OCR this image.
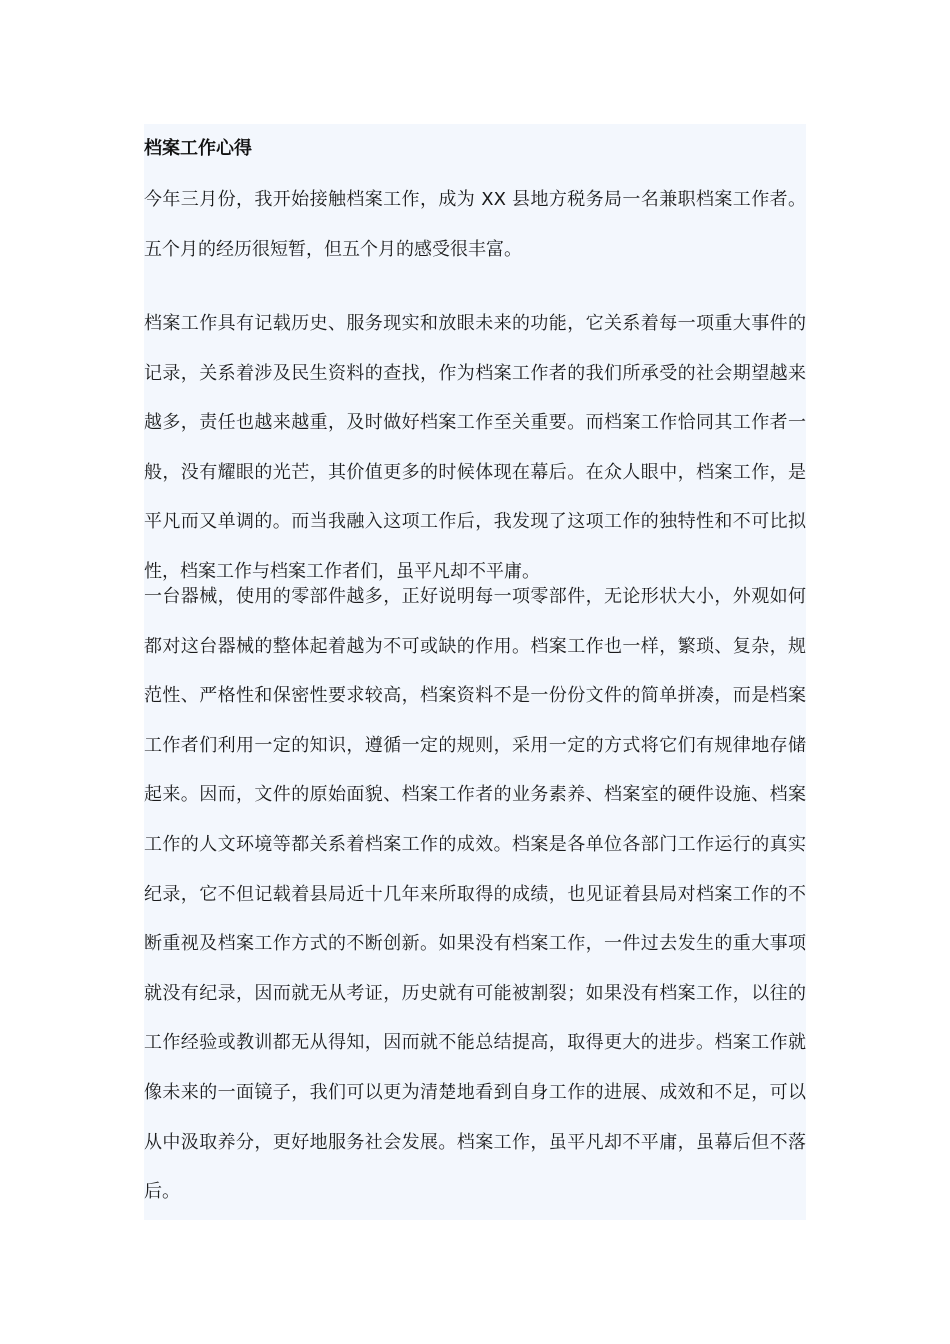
档案工作心得

今年三月份，我开始接触档案工作，成为 XX 县地方税务局一名兼职档案工作者。五个月的经历很短暂，但五个月的感受很丰富。

档案工作具有记载历史、服务现实和放眼未来的功能，它关系着每一项重大事件的记录，关系着涉及民生资料的查找，作为档案工作者的我们所承受的社会期望越来越多，责任也越来越重，及时做好档案工作至关重要。而档案工作恰同其工作者一般，没有耀眼的光芒，其价值更多的时候体现在幕后。在众人眼中，档案工作，是平凡而又单调的。而当我融入这项工作后，我发现了这项工作的独特性和不可比拟性，档案工作与档案工作者们，虽平凡却不平庸。

一台器械，使用的零部件越多，正好说明每一项零部件，无论形状大小，外观如何都对这台器械的整体起着越为不可或缺的作用。档案工作也一样，繁琐、复杂，规范性、严格性和保密性要求较高，档案资料不是一份份文件的简单拼凑，而是档案工作者们利用一定的知识，遵循一定的规则，采用一定的方式将它们有规律地存储起来。因而，文件的原始面貌、档案工作者的业务素养、档案室的硬件设施、档案工作的人文环境等都关系着档案工作的成效。档案是各单位各部门工作运行的真实纪录，它不但记载着县局近十几年来所取得的成绩，也见证着县局对档案工作的不断重视及档案工作方式的不断创新。如果没有档案工作，一件过去发生的重大事项就没有纪录，因而就无从考证，历史就有可能被割裂；如果没有档案工作，以往的工作经验或教训都无从得知，因而就不能总结提高，取得更大的进步。档案工作就像未来的一面镜子，我们可以更为清楚地看到自身工作的进展、成效和不足，可以从中汲取养分，更好地服务社会发展。档案工作，虽平凡却不平庸，虽幕后但不落后。
